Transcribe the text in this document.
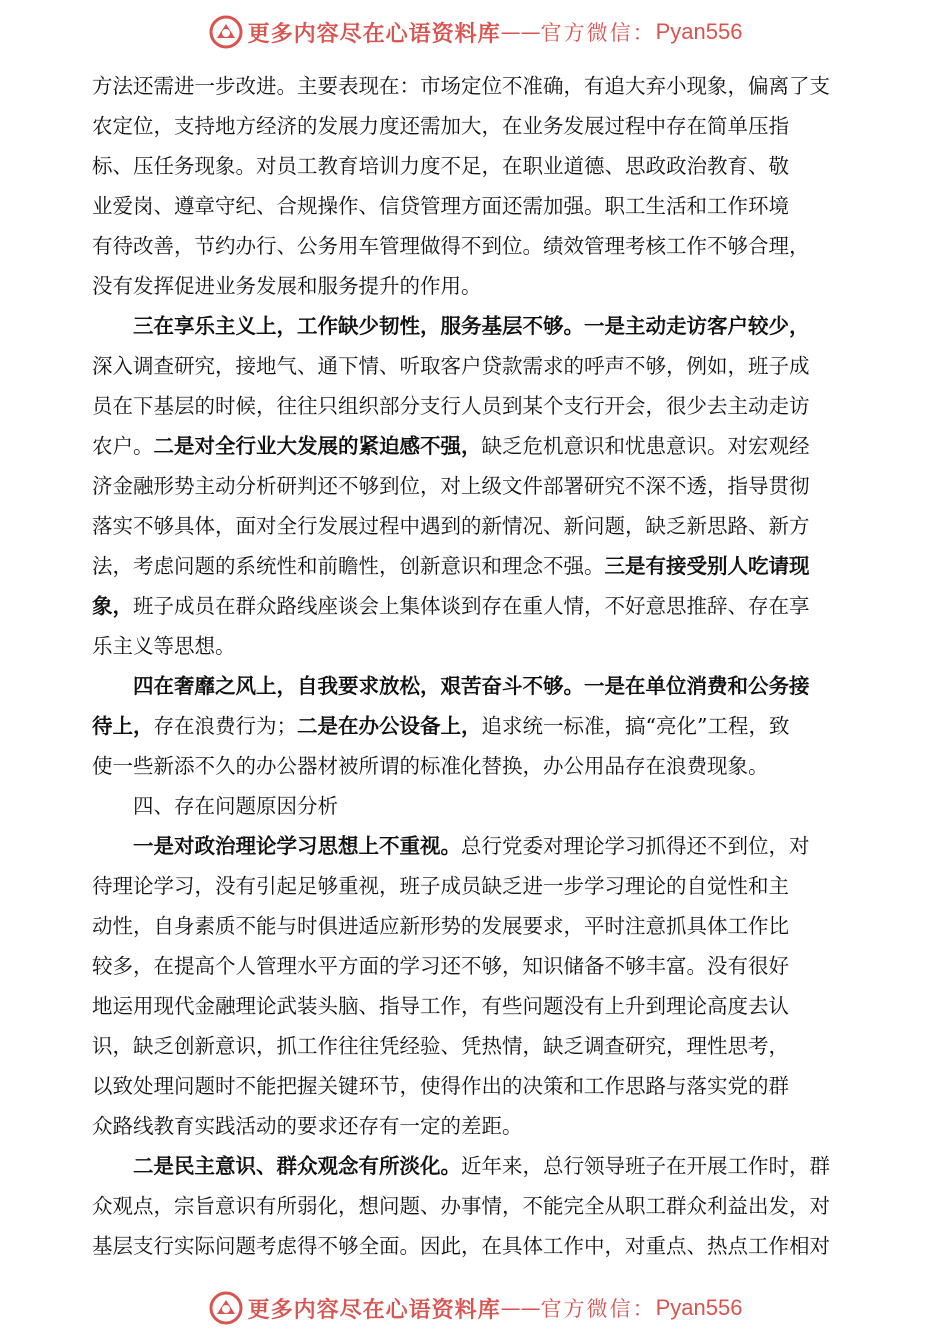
更多内容尽在心语资料库 —— 官方微信： Pyan556

方法还需进一步改进。主要表现在：市场定位不准确，有追大弃小现象，偏离了支
农定位，支持地方经济的发展力度还需加大，在业务发展过程中存在简单压指
标、压任务现象。对员工教育培训力度不足，在职业道德、思政政治教育、敬
业爱岗、遵章守纪、合规操作、信贷管理方面还需加强。职工生活和工作环境
有待改善，节约办行、公务用车管理做得不到位。绩效管理考核工作不够合理，
没有发挥促进业务发展和服务提升的作用。

三在享乐主义上，工作缺少韧性，服务基层不够。一是主动走访客户较少，
深入调查研究，接地气、通下情、听取客户贷款需求的呼声不够，例如，班子成
员在下基层的时候，往往只组织部分支行人员到某个支行开会，很少去主动走访
农户。二是对全行业大发展的紧迫感不强，缺乏危机意识和忧患意识。对宏观经
济金融形势主动分析研判还不够到位，对上级文件部署研究不深不透，指导贯彻
落实不够具体，面对全行发展过程中遇到的新情况、新问题，缺乏新思路、新方
法，考虑问题的系统性和前瞻性，创新意识和理念不强。三是有接受别人吃请现
象，班子成员在群众路线座谈会上集体谈到存在重人情，不好意思推辞、存在享
乐主义等思想。

四在奢靡之风上，自我要求放松，艰苦奋斗不够。一是在单位消费和公务接
待上，存在浪费行为；二是在办公设备上，追求统一标准，搞“亮化”工程，致
使一些新添不久的办公器材被所谓的标准化替换，办公用品存在浪费现象。

四、存在问题原因分析

一是对政治理论学习思想上不重视。总行党委对理论学习抓得还不到位，对
待理论学习，没有引起足够重视，班子成员缺乏进一步学习理论的自觉性和主
动性，自身素质不能与时俱进适应新形势的发展要求，平时注意抓具体工作比
较多，在提高个人管理水平方面的学习还不够，知识储备不够丰富。没有很好
地运用现代金融理论武装头脑、指导工作，有些问题没有上升到理论高度去认
识，缺乏创新意识，抓工作往往凭经验、凭热情，缺乏调查研究，理性思考，
以致处理问题时不能把握关键环节，使得作出的决策和工作思路与落实党的群
众路线教育实践活动的要求还存有一定的差距。

二是民主意识、群众观念有所淡化。近年来，总行领导班子在开展工作时，群
众观点，宗旨意识有所弱化，想问题、办事情，不能完全从职工群众利益出发，对
基层支行实际问题考虑得不够全面。因此，在具体工作中，对重点、热点工作相对

更多内容尽在心语资料库 —— 官方微信： Pyan556
